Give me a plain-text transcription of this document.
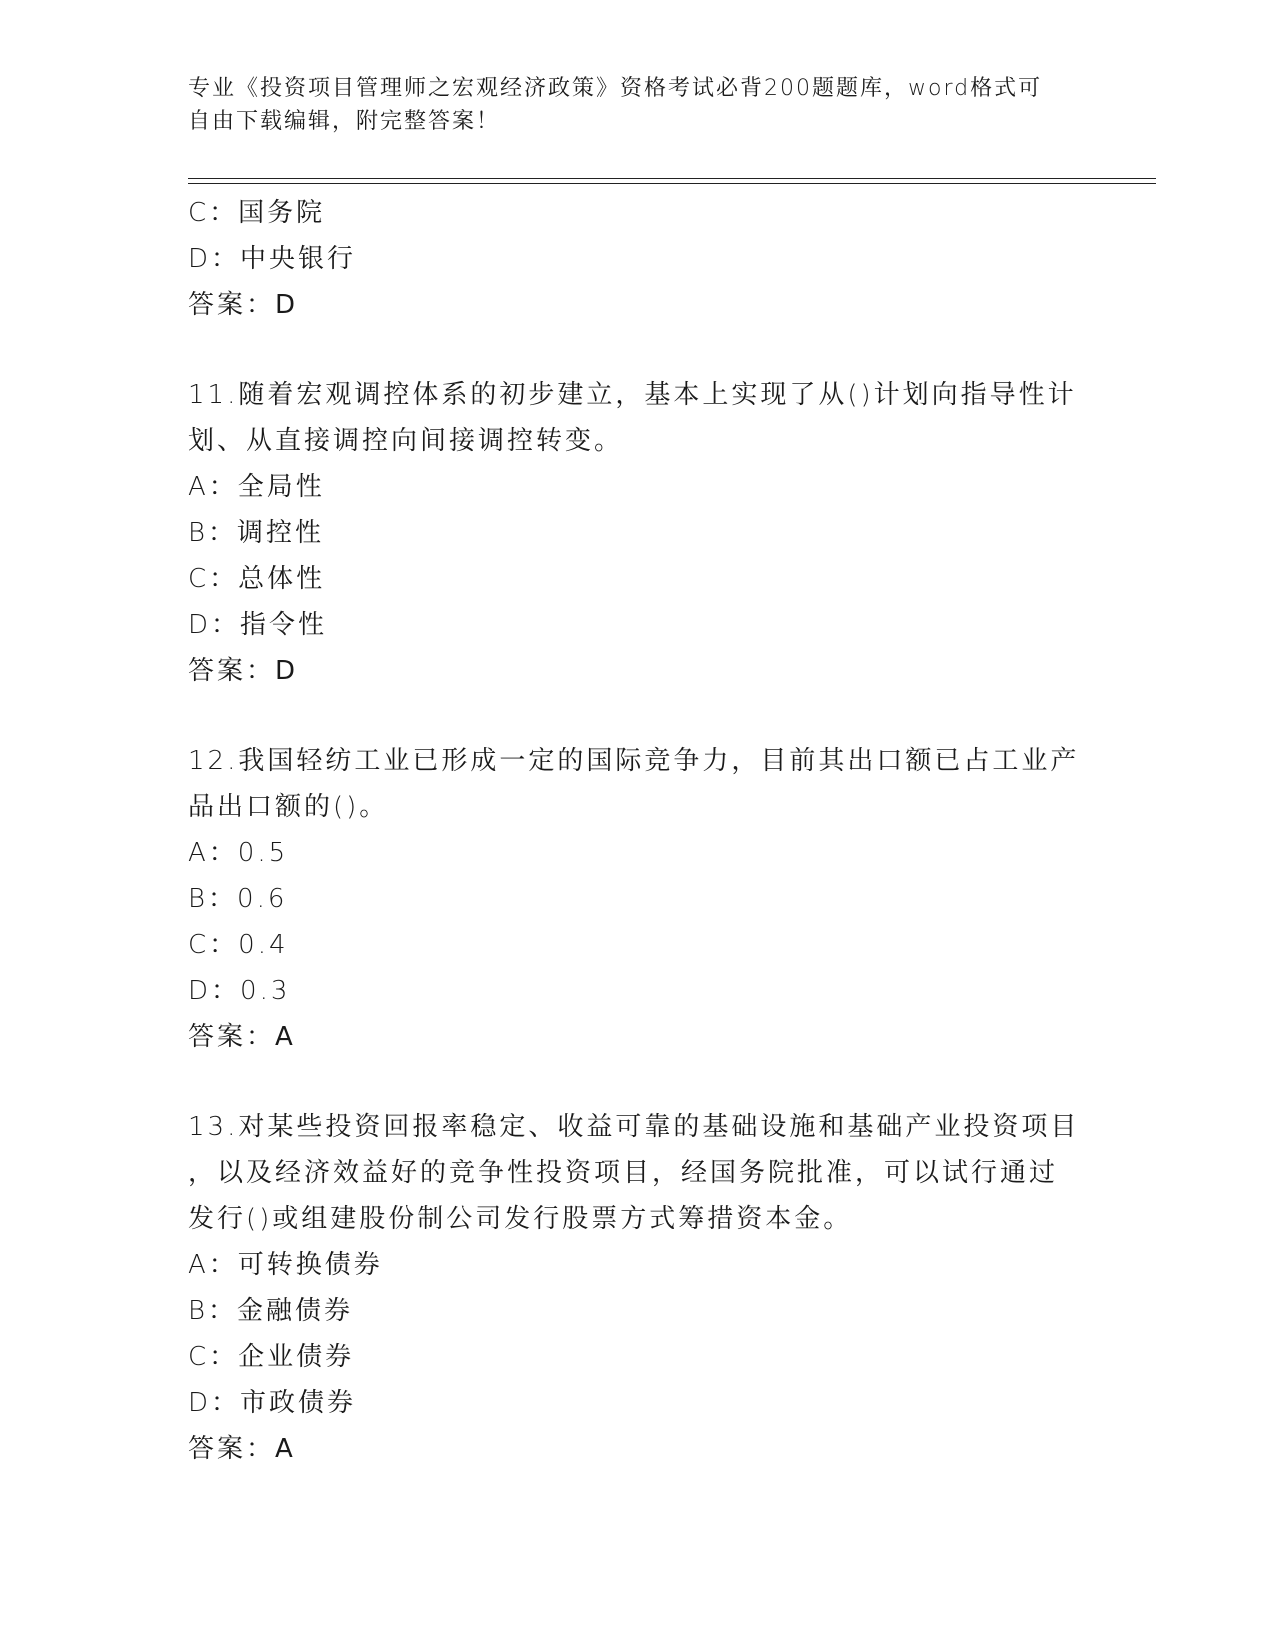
专业《投资项目管理师之宏观经济政策》资格考试必背200题题库，word格式可
自由下载编辑，附完整答案！
C：国务院
D：中央银行
答案：D
11.随着宏观调控体系的初步建立，基本上实现了从()计划向指导性计
划、从直接调控向间接调控转变。
A：全局性
B：调控性
C：总体性
D：指令性
答案：D
12.我国轻纺工业已形成一定的国际竞争力，目前其出口额已占工业产
品出口额的()。
A：0.5
B：0.6
C：0.4
D：0.3
答案：A
13.对某些投资回报率稳定、收益可靠的基础设施和基础产业投资项目
，以及经济效益好的竞争性投资项目，经国务院批准，可以试行通过
发行()或组建股份制公司发行股票方式筹措资本金。
A：可转换债券
B：金融债券
C：企业债券
D：市政债券
答案：A
